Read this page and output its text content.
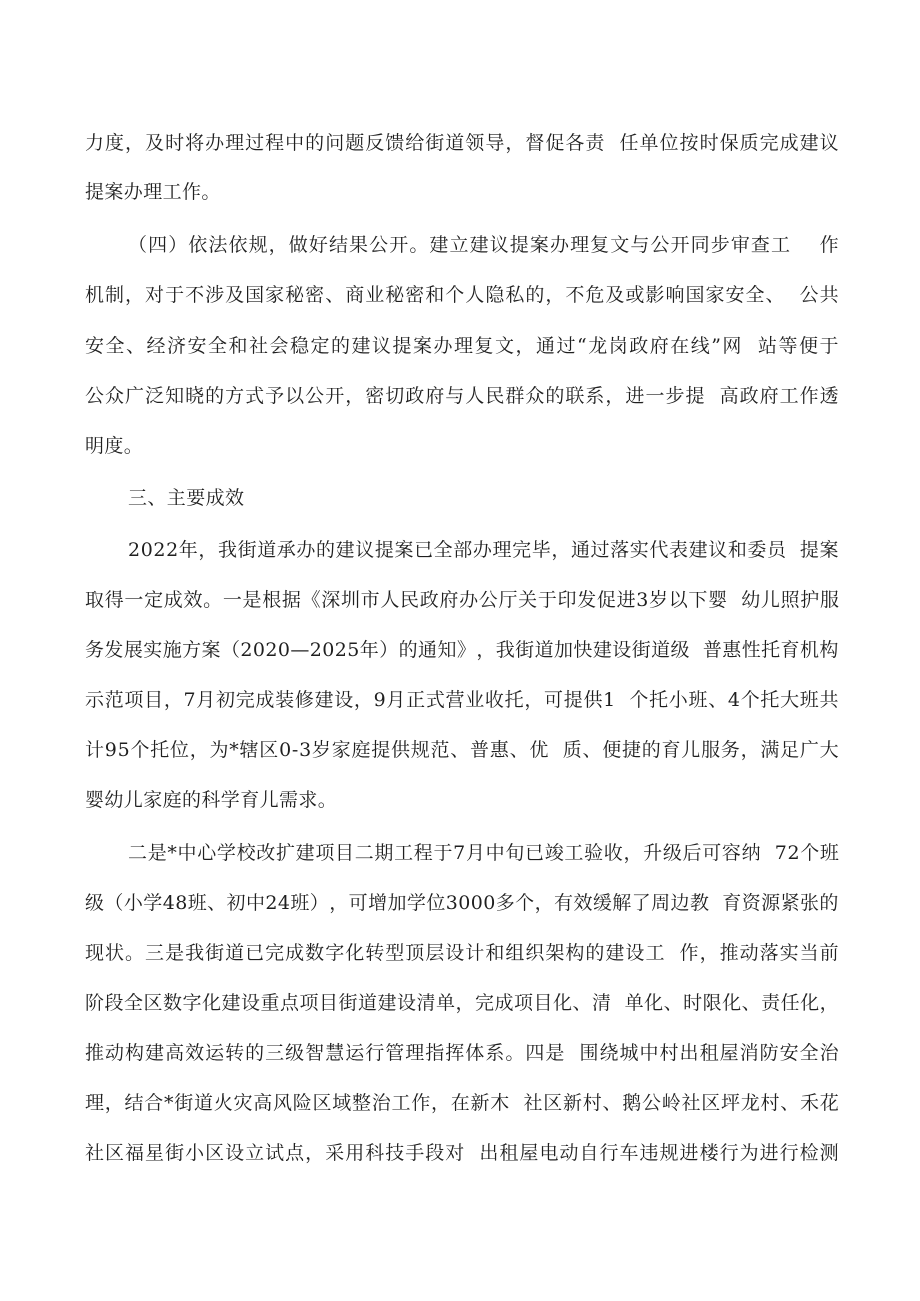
力 度 ， 及 时 将 办 理 过 程 中 的 问 题 反 馈 给 街 道 领 导 ， 督 促 各 责

任 单 位 按 时 保 质 完 成 建 议
提案办理工作。
（ 四 ） 依 法 依 规 ， 做 好 结 果 公 开 。 建 立 建 议 提 案 办 理 复 文 与 公 开 同 步 审 查 工

作
机 制 ， 对 于 不 涉 及 国 家 秘 密 、 商 业 秘 密 和 个 人 隐 私 的 ， 不 危 及 或 影 响 国 家 安 全 、

公 共
安 全 、 经 济 安 全 和 社 会 稳 定 的 建 议 提 案 办 理 复 文 ， 通 过 “ 龙 岗 政 府 在 线 ” 网

站 等 便 于
公 众 广 泛 知 晓 的 方 式 予 以 公 开 ， 密 切 政 府 与 人 民 群 众 的 联 系 ， 进 一 步 提

高 政 府 工 作 透
明度。
三、主要成效
2 0 2 2 年 ， 我 街 道 承 办 的 建 议 提 案 已 全 部 办 理 完 毕 ， 通 过 落 实 代 表 建 议 和 委 员

提 案
取 得 一 定 成 效 。 一 是 根 据 《 深 圳 市 人 民 政 府 办 公 厅 关 于 印 发 促 进 3 岁 以 下 婴

幼 儿 照 护 服
务 发 展 实 施 方 案 （ 2 0 2 0 — 2 0 2 5 年 ） 的 通 知 》 ， 我 街 道 加 快 建 设 街 道 级

普 惠 性 托 育 机 构
示 范 项 目 ， 7 月 初 完 成 装 修 建 设 ， 9 月 正 式 营 业 收 托 ， 可 提 供 1

个 托 小 班 、 4 个 托 大 班 共
计 9 5 个 托 位 ， 为 * 辖 区 0 - 3 岁 家 庭 提 供 规 范 、 普 惠 、 优

质 、 便 捷 的 育 儿 服 务 ， 满 足 广 大
婴幼儿家庭的科学育儿需求。
二 是 * 中 心 学 校 改 扩 建 项 目 二 期 工 程 于 7 月 中 旬 已 竣 工 验 收 ， 升 级 后 可 容 纳

7 2 个 班
级 （ 小 学 4 8 班 、 初 中 2 4 班 ） ， 可 增 加 学 位 3 0 0 0 多 个 ， 有 效 缓 解 了 周 边 教

育 资 源 紧 张 的
现 状 。 三 是 我 街 道 已 完 成 数 字 化 转 型 顶 层 设 计 和 组 织 架 构 的 建 设 工

作 ， 推 动 落 实 当 前
阶 段 全 区 数 字 化 建 设 重 点 项 目 街 道 建 设 清 单 ， 完 成 项 目 化 、 清

单 化 、 时 限 化 、 责 任 化 ，
推 动 构 建 高 效 运 转 的 三 级 智 慧 运 行 管 理 指 挥 体 系 。 四 是

围 绕 城 中 村 出 租 屋 消 防 安 全 治
理 ， 结 合 * 街 道 火 灾 高 风 险 区 域 整 治 工 作 ， 在 新 木

社 区 新 村 、 鹅 公 岭 社 区 坪 龙 村 、 禾 花
社 区 福 星 街 小 区 设 立 试 点 ， 采 用 科 技 手 段 对

出 租 屋 电 动 自 行 车 违 规 进 楼 行 为 进 行 检 测
